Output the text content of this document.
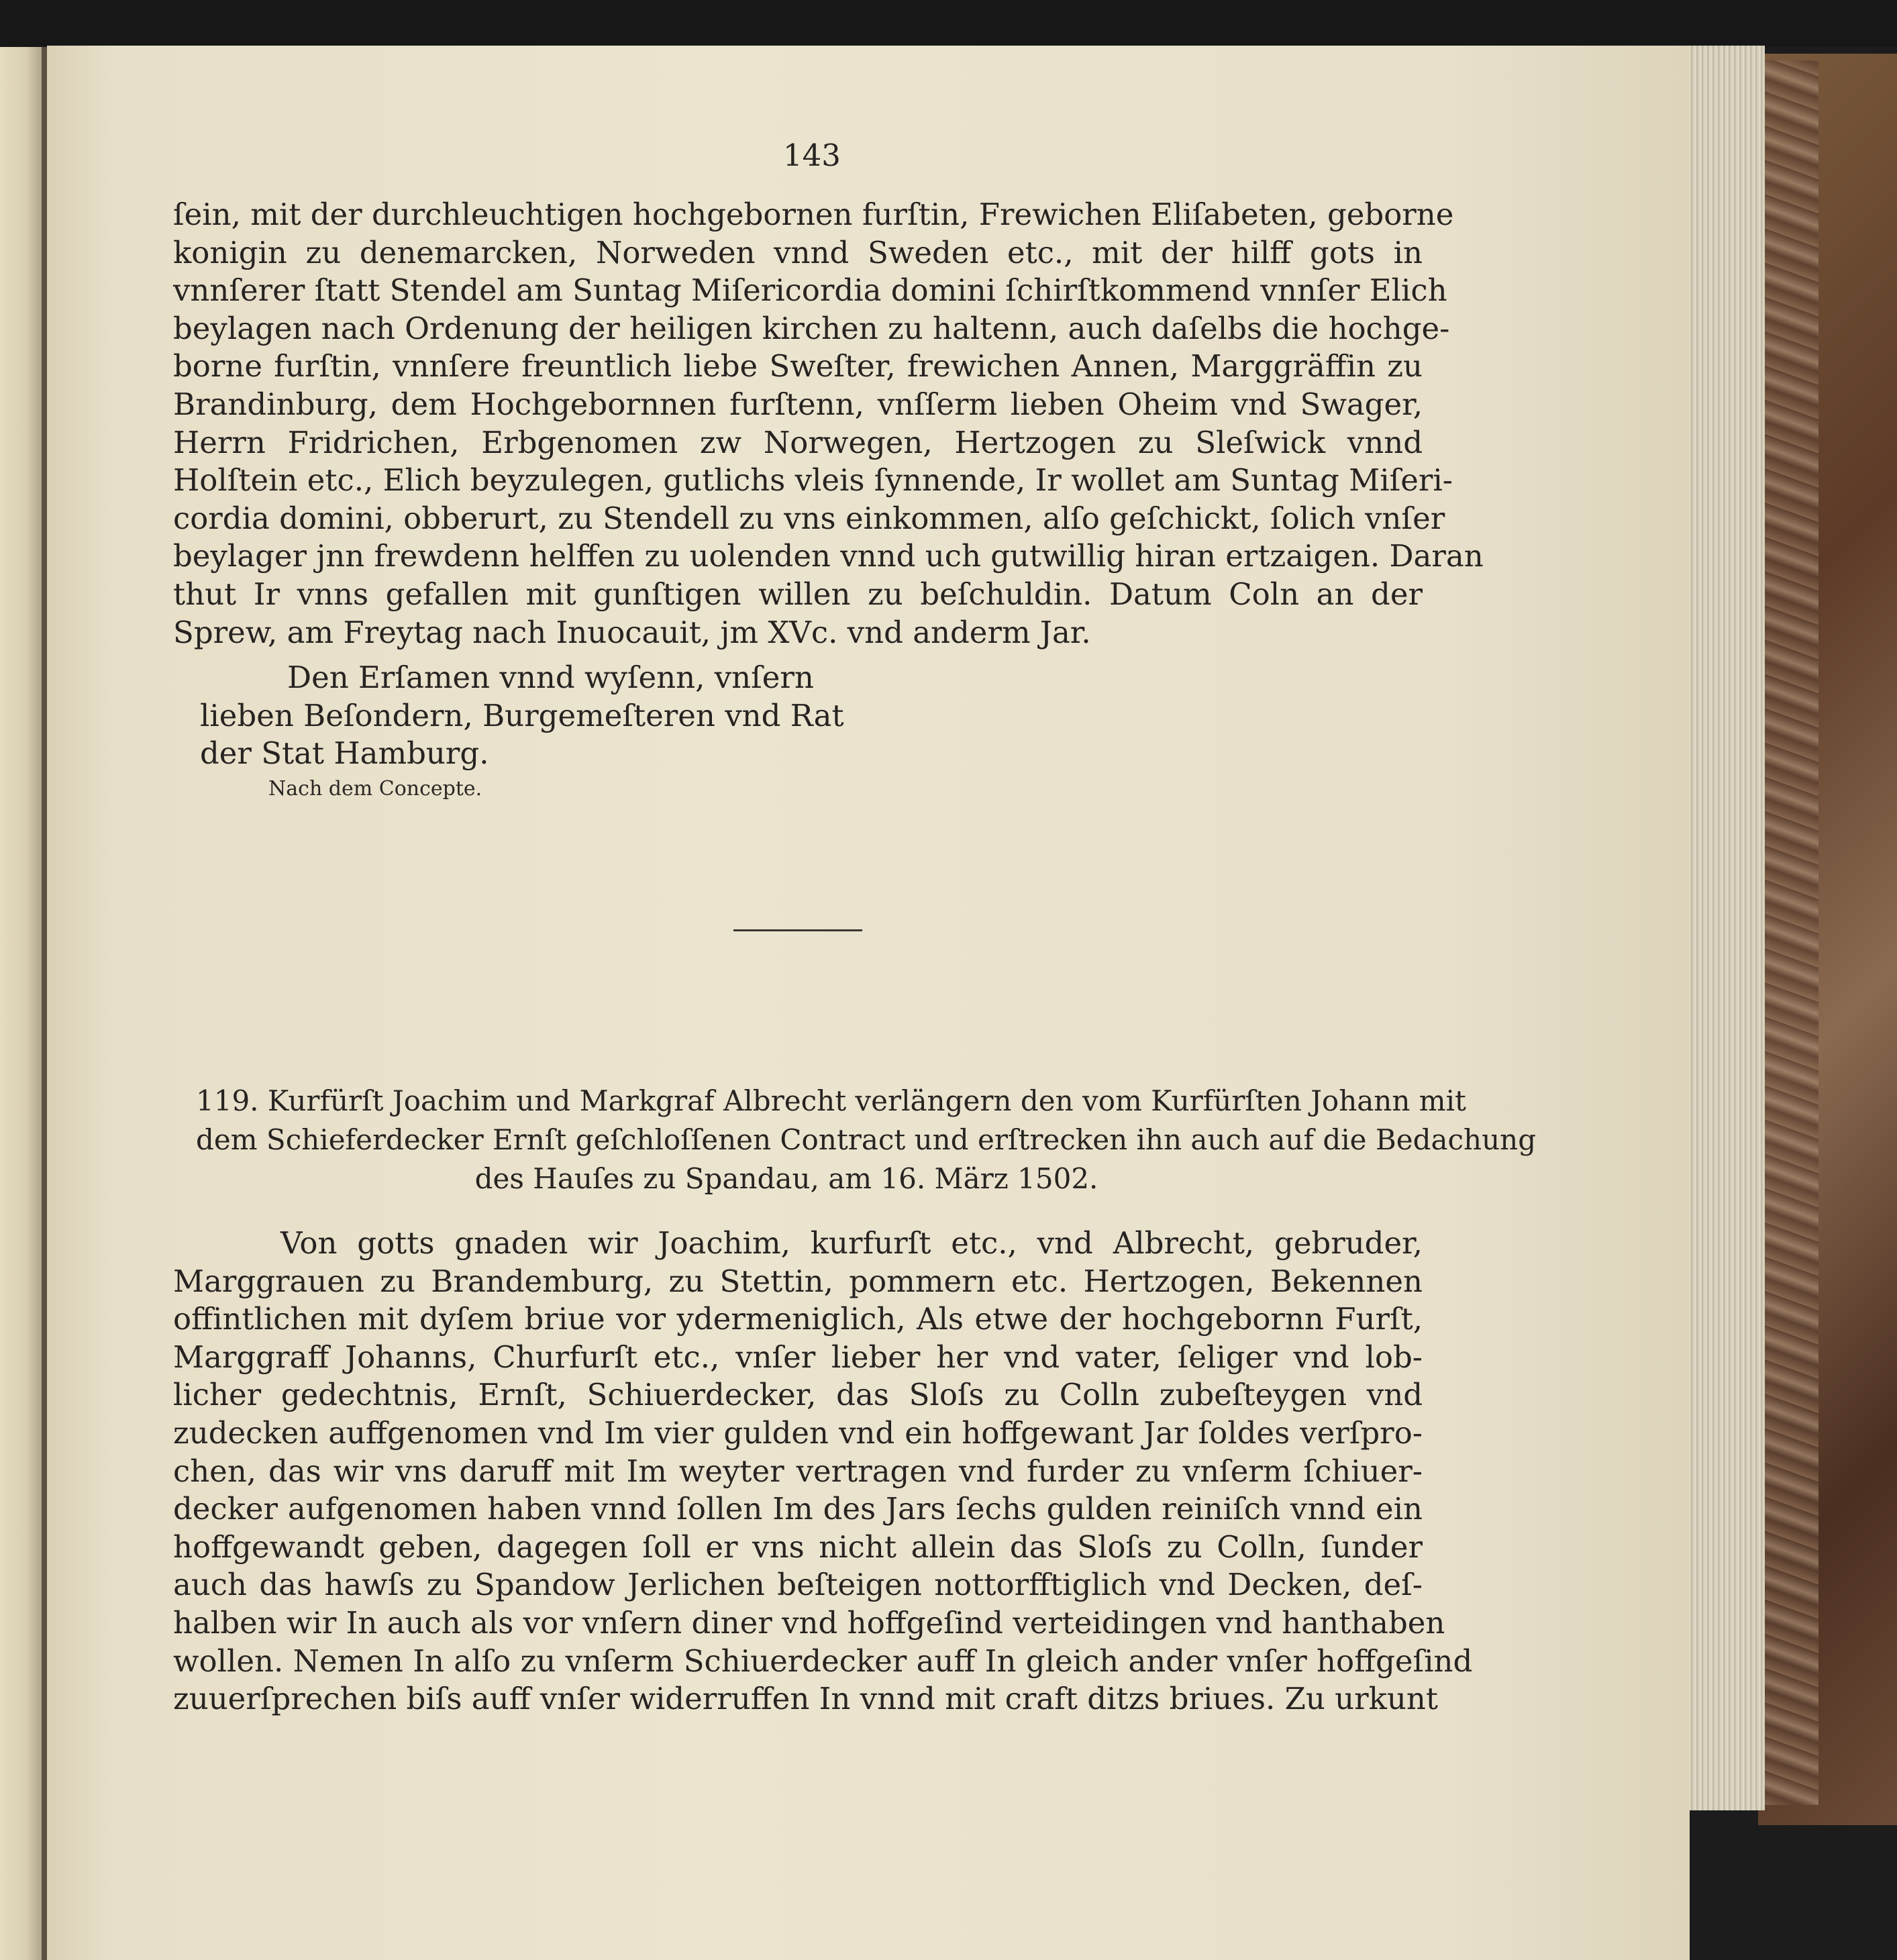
143
ſein, mit der durchleuchtigen hochgebornen furſtin, Frewichen Eliſabeten, geborne
konigin zu denemarcken, Norweden vnnd Sweden etc., mit der hilff gots in
vnnſerer ſtatt Stendel am Suntag Miſericordia domini ſchirſtkommend vnnſer Elich
beylagen nach Ordenung der heiligen kirchen zu haltenn, auch daſelbs die hochge-
borne furſtin, vnnſere freuntlich liebe Sweſter, frewichen Annen, Marggräffin zu
Brandinburg, dem Hochgebornnen furſtenn, vnſſerm lieben Oheim vnd Swager,
Herrn Fridrichen, Erbgenomen zw Norwegen, Hertzogen zu Sleſwick vnnd
Holſtein etc., Elich beyzulegen, gutlichs vleis ſynnende, Ir wollet am Suntag Miſeri-
cordia domini, obberurt, zu Stendell zu vns einkommen, alſo geſchickt, ſolich vnſer
beylager jnn frewdenn helffen zu uolenden vnnd uch gutwillig hiran ertzaigen. Daran
thut Ir vnns gefallen mit gunſtigen willen zu beſchuldin. Datum Coln an der
Sprew, am Freytag nach Inuocauit, jm XVc. vnd anderm Jar.
Den Erſamen vnnd wyſenn, vnſern
lieben Beſondern, Burgemeſteren vnd Rat
der Stat Hamburg.
Nach dem Concepte.
119. Kurfürſt Joachim und Markgraf Albrecht verlängern den vom Kurfürſten Johann mit
dem Schieferdecker Ernſt geſchloſſenen Contract und erſtrecken ihn auch auf die Bedachung
des Hauſes zu Spandau, am 16. März 1502.
Von gotts gnaden wir Joachim, kurfurſt etc., vnd Albrecht, gebruder,
Marggrauen zu Brandemburg, zu Stettin, pommern etc. Hertzogen, Bekennen
offintlichen mit dyſem briue vor ydermeniglich, Als etwe der hochgebornn Furſt,
Marggraff Johanns, Churfurſt etc., vnſer lieber her vnd vater, ſeliger vnd lob-
licher gedechtnis, Ernſt, Schiuerdecker, das Sloſs zu Colln zubeſteygen vnd
zudecken auffgenomen vnd Im vier gulden vnd ein hoffgewant Jar ſoldes verſpro-
chen, das wir vns daruff mit Im weyter vertragen vnd furder zu vnſerm ſchiuer-
decker aufgenomen haben vnnd ſollen Im des Jars ſechs gulden reiniſch vnnd ein
hoffgewandt geben, dagegen ſoll er vns nicht allein das Sloſs zu Colln, ſunder
auch das hawſs zu Spandow Jerlichen beſteigen nottorfftiglich vnd Decken, deſ-
halben wir In auch als vor vnſern diner vnd hoffgeſind verteidingen vnd hanthaben
wollen. Nemen In alſo zu vnſerm Schiuerdecker auff In gleich ander vnſer hoffgeſind
zuuerſprechen biſs auff vnſer widerruffen In vnnd mit craft ditzs briues. Zu urkunt
